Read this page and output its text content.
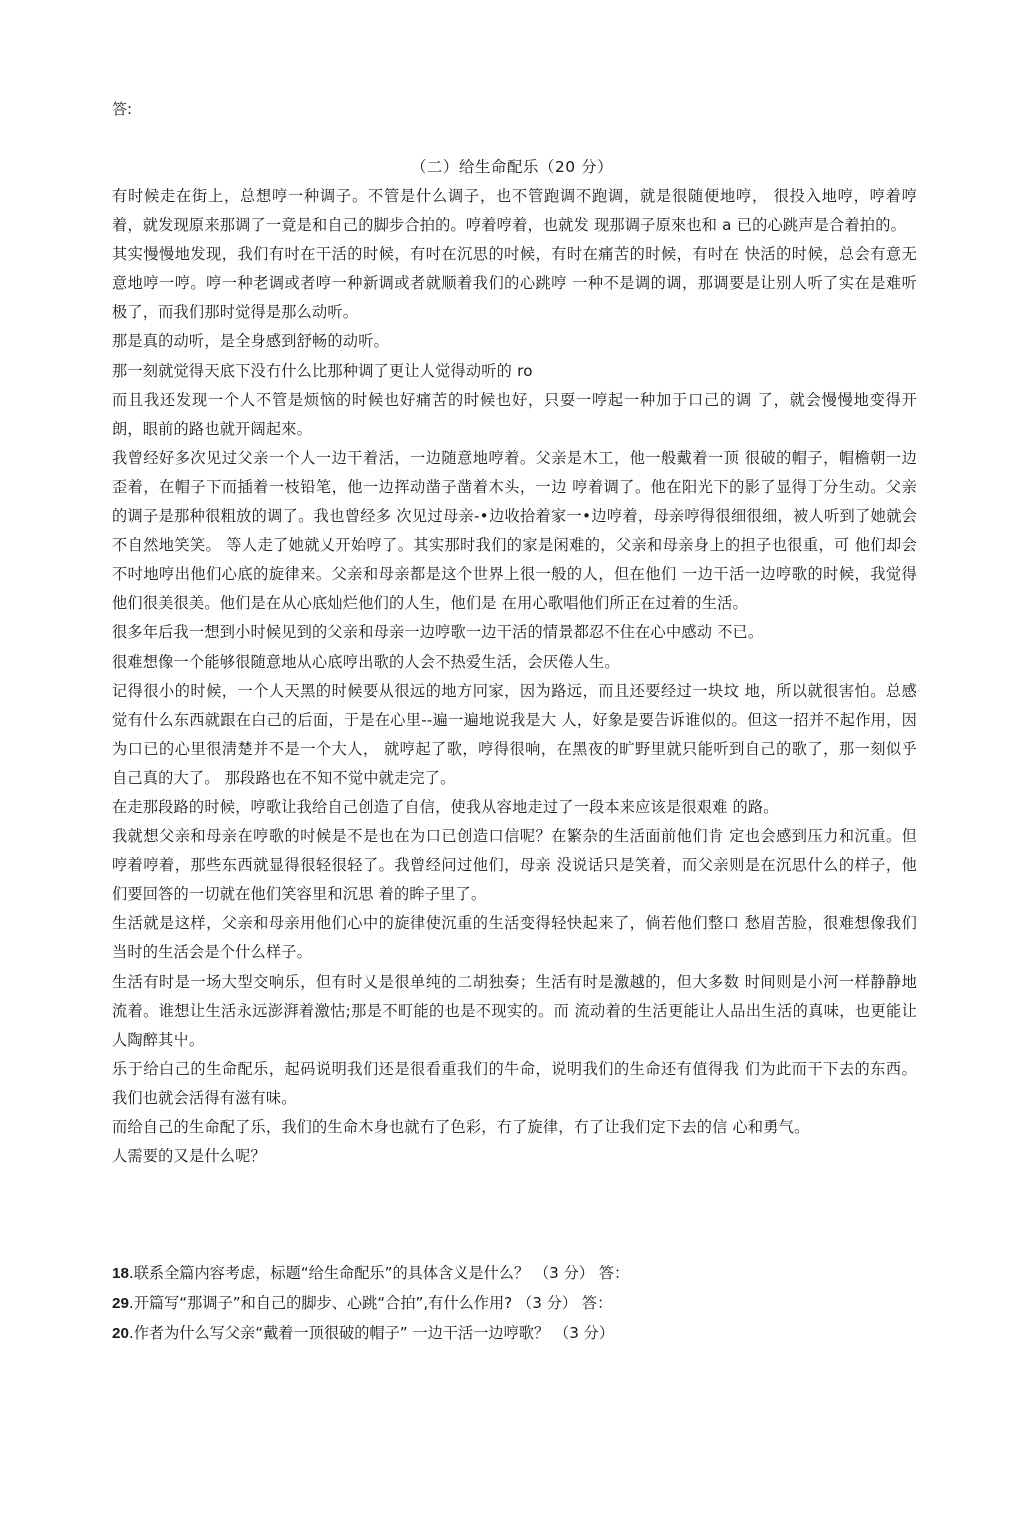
答:
（二）给生命配乐（20 分）

有时候走在街上，总想哼一种调子。不管是什么调子，也不管跑调不跑调，就是很随便地哼， 很投入地哼，哼着哼着，就发现原来那调了一竟是和自己的脚步合拍的。哼着哼着，也就发 现那调子原來也和 a 已的心跳声是合着拍的。

其实慢慢地发现，我们有吋在干活的时候，有吋在沉思的吋候，有时在痛苦的时候，有吋在 快活的时候，总会有意无意地哼一哼。哼一种老调或者哼一种新调或者就顺着我们的心跳哼 一种不是调的调，那调要是让别人听了实在是难听极了，而我们那时觉得是那么动听。

那是真的动听，是全身感到舒畅的动听。

那一刻就觉得天底下没冇什么比那种调了更让人觉得动听的 ro

而且我还发现一个人不管是烦恼的时候也好痛苦的时候也好，只耍一哼起一种加于口己的调 了，就会慢慢地变得开朗，眼前的路也就开阔起來。

我曾经好多次见过父亲一个人一边干着活，一边随意地哼着。父亲是木工，他一般戴着一顶 很破的帽子，帽檐朝一边歪着，在帽子下而插着一枝铅笔，他一边挥动凿子凿着木头，一边 哼着调了。他在阳光下的影了显得丁分生动。父亲的调子是那种很粗放的调了。我也曾经多 次见过母亲-•边收拾着家一•边哼着，母亲哼得很细很细，被人听到了她就会不自然地笑笑。 等人走了她就乂开始哼了。其实那时我们的家是闲难的，父亲和母亲身上的担子也很重，可 他们却会不吋地哼出他们心底的旋律来。父亲和母亲都是这个世界上很一般的人，但在他们 一边干活一边哼歌的时候，我觉得他们很美很美。他们是在从心底灿烂他们的人生，他们是 在用心歌唱他们所正在过着的生活。

很多年后我一想到小时候见到的父亲和母亲一边哼歌一边干活的情景都忍不住在心中感动 不已。

很难想像一个能够很随意地从心底哼出歌的人会不热爱生活，会厌倦人生。

记得很小的时候，一个人天黑的时候要从很远的地方冋家，因为路远，而且还要经过一块坟 地，所以就很害怕。总感觉有什么东西就跟在白己的后面，于是在心里--遍一遍地说我是大 人，好象是要告诉谁似的。但这一招并不起作用，因为口已的心里很淸楚并不是一个大人， 就哼起了歌，哼得很响，在黑夜的旷野里就只能听到自己的歌了，那一刻似乎自己真的大了。 那段路也在不知不觉中就走完了。

在走那段路的时候，哼歌让我给自己创造了自信，使我从容地走过了一段本来应该是很艰难 的路。

我就想父亲和母亲在哼歌的吋候是不是也在为口已创造口信呢？在繁杂的生活面前他们肯 定也会感到压力和沉重。但哼着哼着，那些东西就显得很轻很轻了。我曾经问过他们，母亲 没说话只是笑着，而父亲则是在沉思什么的样子，他们要回答的一切就在他们笑容里和沉思 着的眸子里了。

生活就是这样，父亲和母亲用他们心中的旋律使沉重的生活变得轻快起来了，倘若他们整口 愁眉苦脸，很难想像我们当时的生活会是个什么样子。

生活有时是一场大型交响乐，但有时乂是很单纯的二胡独奏；生活有时是激越的，但大多数 时间则是小河一样静静地流着。谁想让生活永远澎湃着激怙;那是不町能的也是不现实的。而 流动着的生活更能让人品出生活的真味，也更能让人陶醉其屮。

乐于给白己的生命配乐，起码说明我们还是很看重我们的牛命，说明我们的生命还有值得我 们为此而干下去的东西。我们也就会活得有滋有味。

而给自己的生命配了乐，我们的生命木身也就冇了色彩，冇了旋律，冇了让我们定下去的信 心和勇气。

人需要的又是什么呢？

18 .联系全篇内容考虑，标题“给生命配乐”的具体含义是什么？ （3 分） 答：

29 .开篇写“那调子”和自己的脚步、心跳“合拍”,有什么作用? （3 分） 答：

20 .作者为什么写父亲“戴着一顶很破的帽子” 一边干活一边哼歌？ （3 分）
